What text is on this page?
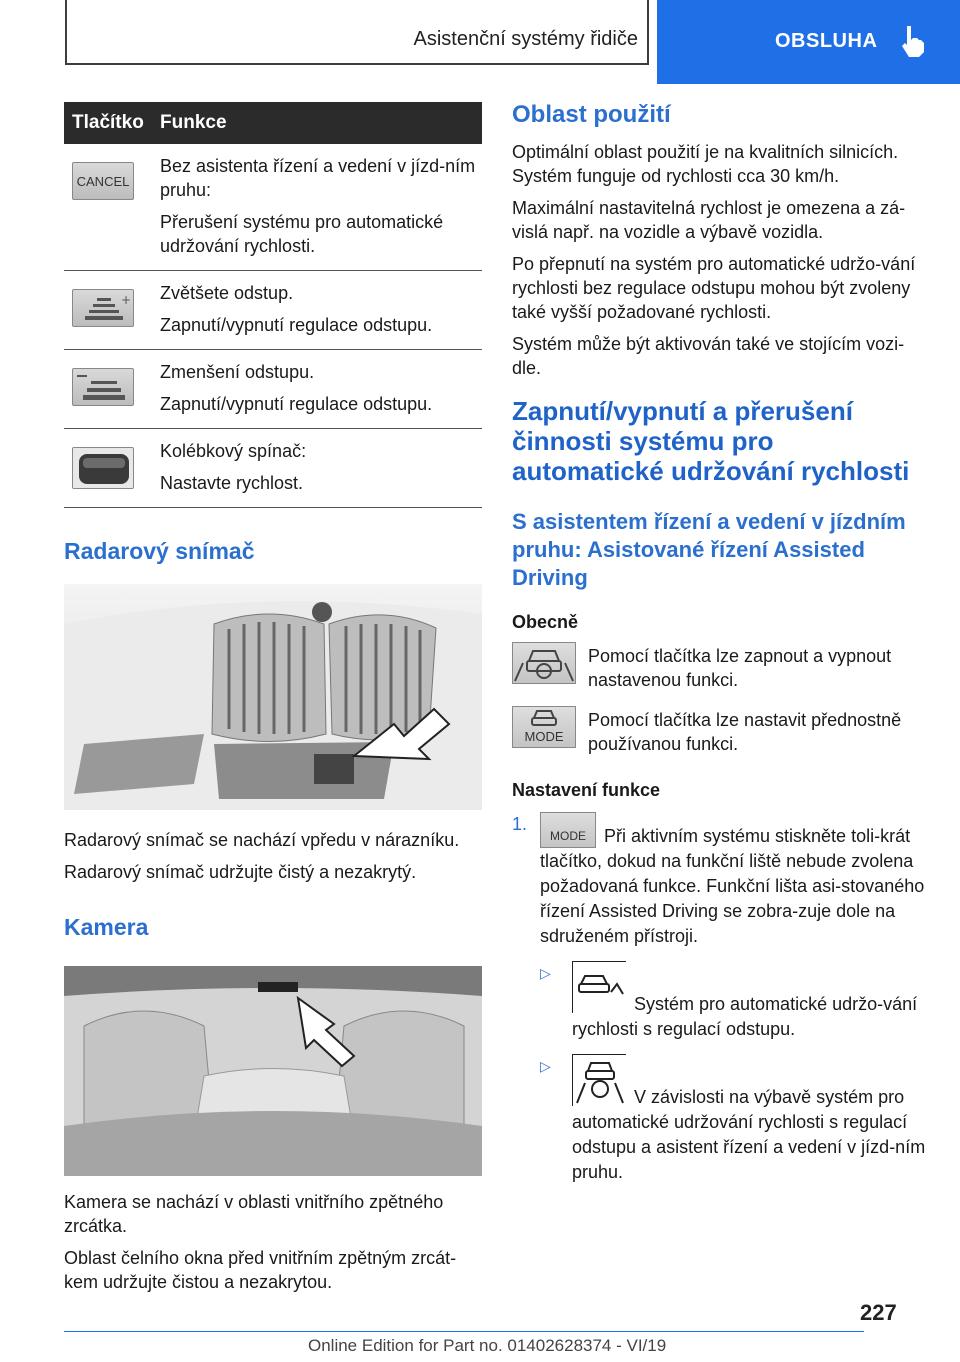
Asistenční systémy řidiče	OBSLUHA
Tlačítko Funkce
CANCEL

Bez asistenta řízení a vedení v jízd-ním pruhu:

Přerušení systému pro automatické udržování rychlosti.

+ Zvětšete odstup.

Zapnutí/vypnutí regulace odstupu.

Zmenšení odstupu.

Zapnutí/vypnutí regulace odstupu.

Kolébkový spínač:

Nastavte rychlost.

Radarový snímač

Radarový snímač se nachází vpředu v nárazníku.

Radarový snímač udržujte čistý a nezakrytý.

Kamera

Kamera se nachází v oblasti vnitřního zpětného zrcátka.

Oblast čelního okna před vnitřním zpětným zrcát-kem udržujte čistou a nezakrytou.

Oblast použití

Optimální oblast použití je na kvalitních silnicích. Systém funguje od rychlosti cca 30 km/h.

Maximální nastavitelná rychlost je omezena a zá-vislá např. na vozidle a výbavě vozidla.

Po přepnutí na systém pro automatické udržo-vání rychlosti bez regulace odstupu mohou být zvoleny také vyšší požadované rychlosti.

Systém může být aktivován také ve stojícím vozi-dle.

Zapnutí/vypnutí a přerušení činnosti systému pro automatické udržování rychlosti
S asistentem řízení a vedení v jízdním pruhu: Asistované řízení Assisted Driving

Obecně

Pomocí tlačítka lze zapnout a vypnout nastavenou funkci.
MODE
Pomocí tlačítka lze nastavit přednostně používanou funkci.

Nastavení funkce

1.
MODE	Při aktivním systému stiskněte toli-krát tlačítko, dokud na funkční liště nebude zvolena požadovaná funkce. Funkční lišta asi-stovaného řízení Assisted Driving se zobra-zuje dole na sdruženém přístroji.
▷
Systém pro automatické udržo-vání rychlosti s regulací odstupu.
▷
V závislosti na výbavě systém pro automatické udržování rychlosti s regulací odstupu a asistent řízení a vedení v jízd-ním pruhu.
227
Online Edition for Part no. 01402628374 - VI/19
